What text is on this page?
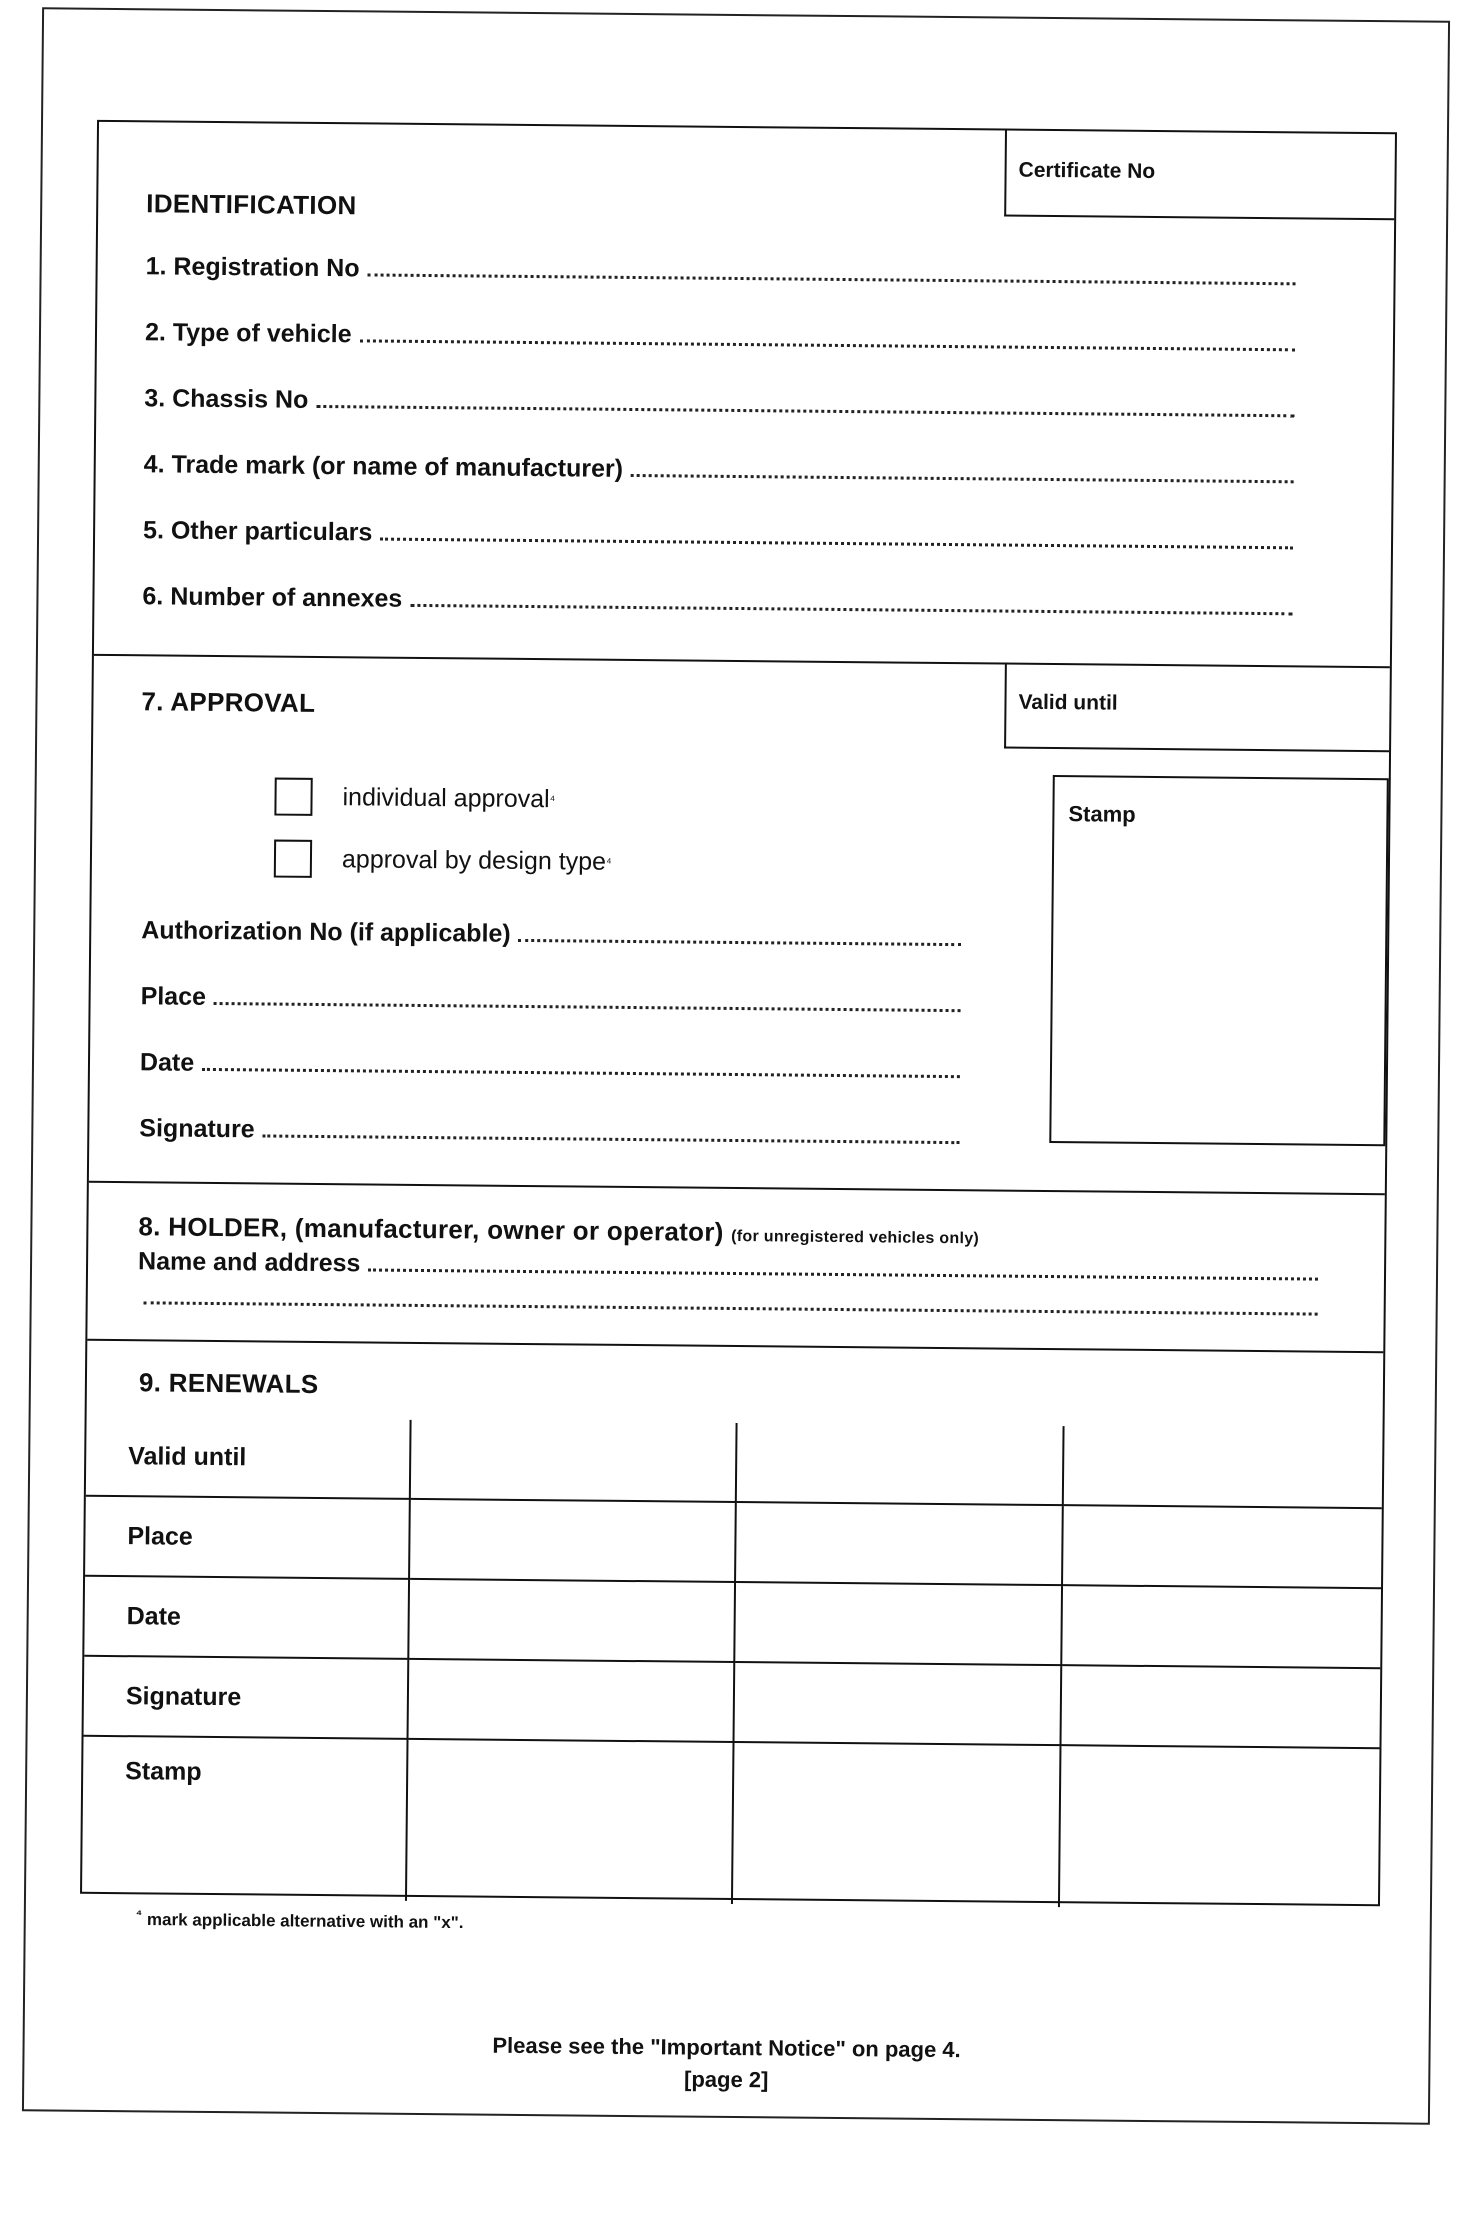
Certificate No
IDENTIFICATION
1. Registration No
2. Type of vehicle
3. Chassis No
4. Trade mark (or name of manufacturer)
5. Other particulars
6. Number of annexes
Valid until
7. APPROVAL
individual approval ⁴
approval by design type ⁴
Stamp
Authorization No (if applicable)
Place
Date
Signature
8. HOLDER, (manufacturer, owner or operator) (for unregistered vehicles only)
Name and address
9. RENEWALS
Valid until			
Place			
Date			
Signature			
Stamp			
$^{^4}$ mark applicable alternative with an "x".
Please see the "Important Notice" on page 4.
[page 2]
